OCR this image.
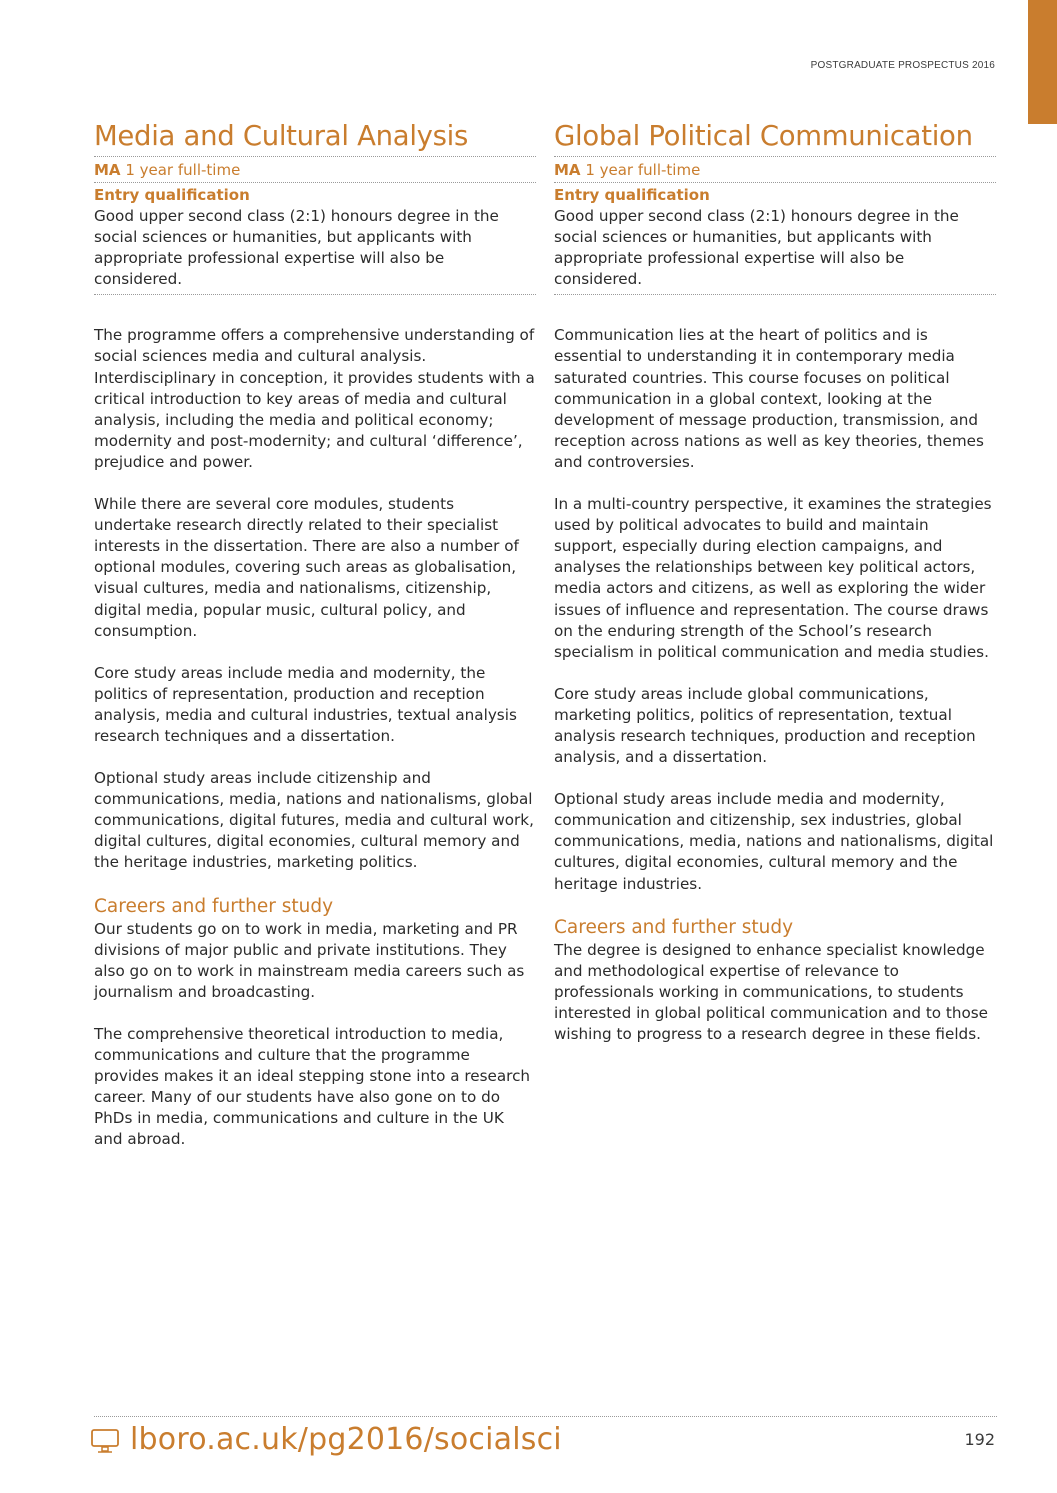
POSTGRADUATE PROSPECTUS 2016
Media and Cultural Analysis
MA 1 year full-time
Entry qualification

Good upper second class (2:1) honours degree in the social sciences or humanities, but applicants with appropriate professional expertise will also be considered.

The programme offers a comprehensive understanding of social sciences media and cultural analysis. Interdisciplinary in conception, it provides students with a critical introduction to key areas of media and cultural analysis, including the media and political economy; modernity and post-modernity; and cultural ‘difference’, prejudice and power.

While there are several core modules, students undertake research directly related to their specialist interests in the dissertation. There are also a number of optional modules, covering such areas as globalisation, visual cultures, media and nationalisms, citizenship, digital media, popular music, cultural policy, and consumption.

Core study areas include media and modernity, the politics of representation, production and reception analysis, media and cultural industries, textual analysis research techniques and a dissertation.

Optional study areas include citizenship and communications, media, nations and nationalisms, global communications, digital futures, media and cultural work, digital cultures, digital economies, cultural memory and the heritage industries, marketing politics.

Careers and further study

Our students go on to work in media, marketing and PR divisions of major public and private institutions. They also go on to work in mainstream media careers such as journalism and broadcasting.

The comprehensive theoretical introduction to media, communications and culture that the programme provides makes it an ideal stepping stone into a research career. Many of our students have also gone on to do PhDs in media, communications and culture in the UK and abroad.

Global Political Communication
MA 1 year full-time
Entry qualification

Good upper second class (2:1) honours degree in the social sciences or humanities, but applicants with appropriate professional expertise will also be considered.

Communication lies at the heart of politics and is essential to understanding it in contemporary media saturated countries. This course focuses on political communication in a global context, looking at the development of message production, transmission, and reception across nations as well as key theories, themes and controversies.

In a multi-country perspective, it examines the strategies used by political advocates to build and maintain support, especially during election campaigns, and analyses the relationships between key political actors, media actors and citizens, as well as exploring the wider issues of influence and representation. The course draws on the enduring strength of the School’s research specialism in political communication and media studies.

Core study areas include global communications, marketing politics, politics of representation, textual analysis research techniques, production and reception analysis, and a dissertation.

Optional study areas include media and modernity, communication and citizenship, sex industries, global communications, media, nations and nationalisms, digital cultures, digital economies, cultural memory and the heritage industries.

Careers and further study

The degree is designed to enhance specialist knowledge and methodological expertise of relevance to professionals working in communications, to students interested in global political communication and to those wishing to progress to a research degree in these fields.

lboro.ac.uk/pg2016/socialsci	192
